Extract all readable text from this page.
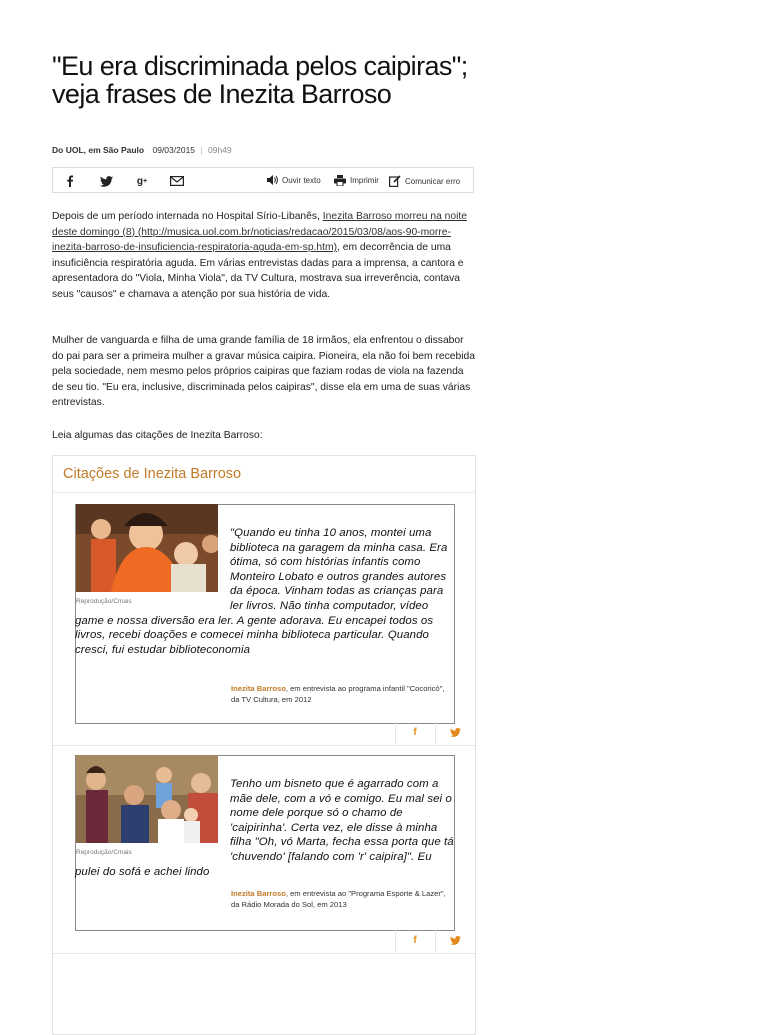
"Eu era discriminada pelos caipiras"; veja frases de Inezita Barroso
Do UOL, em São Paulo 09/03/2015 | 09h49
g +	Ouvir texto	Imprimir	Comunicar erro

Depois de um período internada no Hospital Sírio-Libanês, Inezita Barroso morreu na noite deste domingo (8) (http://musica.uol.com.br/noticias/redacao/2015/03/08/aos-90-morre-inezita-barroso-de-insuficiencia-respiratoria-aguda-em-sp.htm), em decorrência de uma insuficiência respiratória aguda. Em várias entrevistas dadas para a imprensa, a cantora e apresentadora do "Viola, Minha Viola", da TV Cultura, mostrava sua irreverência, contava seus "causos" e chamava a atenção por sua história de vida.

Mulher de vanguarda e filha de uma grande família de 18 irmãos, ela enfrentou o dissabor do pai para ser a primeira mulher a gravar música caipira. Pioneira, ela não foi bem recebida pela sociedade, nem mesmo pelos próprios caipiras que faziam rodas de viola na fazenda de seu tio. "Eu era, inclusive, discriminada pelos caipiras", disse ela em uma de suas várias entrevistas.

Leia algumas das citações de Inezita Barroso:

Citações de Inezita Barroso
Reprodução/Cmais

"Quando eu tinha 10 anos, montei uma biblioteca na garagem da minha casa. Era ótima, só com histórias infantis como Monteiro Lobato e outros grandes autores da época. Vinham todas as crianças para ler livros. Não tinha computador, vídeo game e nossa diversão era ler. A gente adorava. Eu encapei todos os livros, recebi doações e comecei minha biblioteca particular. Quando cresci, fui estudar biblioteconomia

Inezita Barroso, em entrevista ao programa infantil "Cocoricó", da TV Cultura, em 2012
f
Reprodução/Cmais

Tenho um bisneto que é agarrado com a mãe dele, com a vó e comigo. Eu mal sei o nome dele porque só o chamo de 'caipirinha'. Certa vez, ele disse à minha filha "Oh, vó Marta, fecha essa porta que tá 'chuvendo' [falando com 'r' caipira]". Eu pulei do sofá e achei lindo

Inezita Barroso, em entrevista ao "Programa Esporte & Lazer", da Rádio Morada do Sol, em 2013
f
